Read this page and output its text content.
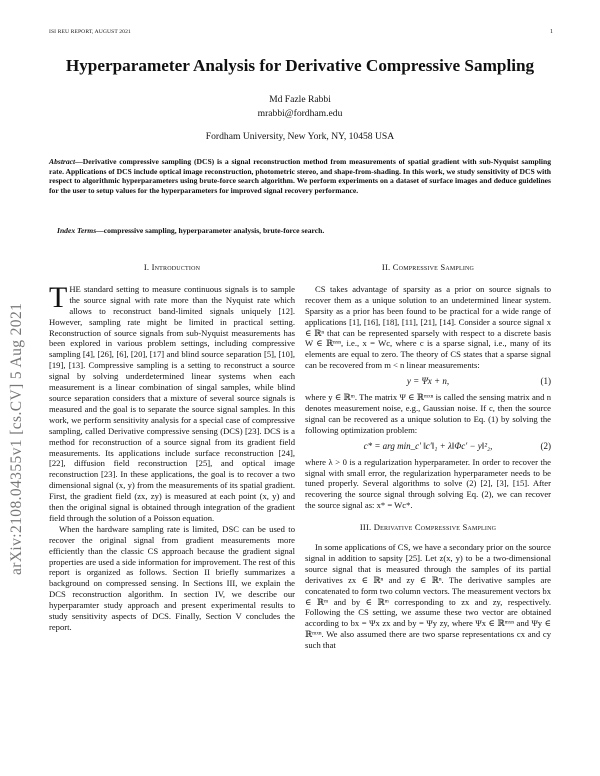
ISI REU REPORT, AUGUST 2021	1
arXiv:2108.04355v1 [cs.CV] 5 Aug 2021
Hyperparameter Analysis for Derivative Compressive Sampling
Md Fazle Rabbi
mrabbi@fordham.edu
Fordham University, New York, NY, 10458 USA

Abstract—Derivative compressive sampling (DCS) is a signal reconstruction method from measurements of spatial gradient with sub-Nyquist sampling rate. Applications of DCS include optical image reconstruction, photometric stereo, and shape-from-shading. In this work, we study sensitivity of DCS with respect to algorithmic hyperparameters using brute-force search algorithm. We perform experiments on a dataset of surface images and deduce guidelines for the user to setup values for the hyperparameters for improved signal recovery performance.

Index Terms—compressive sampling, hyperparameter analysis, brute-force search.

I. Introduction

THE standard setting to measure continuous signals is to sample the source signal with rate more than the Nyquist rate which allows to reconstruct band-limited signals uniquely [12]. However, sampling rate might be limited in practical setting. Reconstruction of source signals from sub-Nyquist measurements has been explored in various problem settings, including compressive sampling [4], [26], [6], [20], [17] and blind source separation [5], [10], [19], [13]. Compressive sampling is a setting to reconstruct a source signal by solving underdetermined linear systems when each measurement is a linear combination of singal samples, while blind source separation considers that a mixture of several source signals is measured and the goal is to separate the source signal samples. In this work, we perform sensitivity analysis for a special case of compressive sampling, called Derivative compressive sensing (DCS) [23]. DCS is a method for reconstruction of a source signal from its gradient field measurements. Its applications include surface reconstruction [24], [22], diffusion field reconstruction [25], and optical image reconstruction [23]. In these applications, the goal is to recover a two dimensional signal (x, y) from the measurements of its spatial gradient. First, the gradient field (zx, zy) is measured at each point (x, y) and then the original signal is obtained through integration of the gradient field through the solution of a Poisson equation.

When the hardware sampling rate is limited, DSC can be used to recover the original signal from gradient measurements more efficiently than the classic CS approach because the gradient signal properties are used a side information for improvement. The rest of this report is organized as follows. Section II briefly summarizes a background on compressed sensing. In Sections III, we explain the DCS reconstruction algorithm. In section IV, we describe our hyperparamter study approach and present experimental results to study sensitivity aspects of DCS. Finally, Section V concludes the report.

II. Compressive Sampling

CS takes advantage of sparsity as a prior on source signals to recover them as a unique solution to an undetermined linear system. Sparsity as a prior has been found to be practical for a wide range of applications [1], [16], [18], [11], [21], [14]. Consider a source signal x ∈ ℝⁿ that can be represented sparsely with respect to a discrete basis W ∈ ℝⁿˣⁿ, i.e., x = Wc, where c is a sparse signal, i.e., many of its elements are equal to zero. The theory of CS states that a sparse signal can be recovered from m < n linear measurements:

y = Ψx + n,	(1)

where y ∈ ℝᵐ. The matrix Ψ ∈ ℝᵐˣⁿ is called the sensing matrix and n denotes measurement noise, e.g., Gaussian noise. If c, then the source signal can be recovered as a unique solution to Eq. (1) by solving the following optimization problem:

c* = arg min_c′ ‖c′‖₁ + λ‖Φc′ − y‖²₂,	(2)

where λ > 0 is a regularization hyperparameter. In order to recover the signal with small error, the regularization hyperparameter needs to be tuned properly. Several algorithms to solve (2) [2], [3], [15]. After recovering the source signal through solving Eq. (2), we can recover the source signal as: x* = Wc*.

III. Derivative Compressive Sampling

In some applications of CS, we have a secondary prior on the source signal in addition to sapsity [25]. Let z(x, y) to be a two-dimensional source signal that is measured through the samples of its partial derivatives zx ∈ ℝⁿ and zy ∈ ℝⁿ. The derivative samples are concatenated to form two column vectors. The measurement vectors bx ∈ ℝᵐ and by ∈ ℝᵐ corresponding to zx and zy, respectively. Following the CS setting, we assume these two vector are obtained according to bx = Ψx zx and by = Ψy zy, where Ψx ∈ ℝᵐˣⁿ and Ψy ∈ ℝᵐˣⁿ. We also assumed there are two sparse representations cx and cy such that
